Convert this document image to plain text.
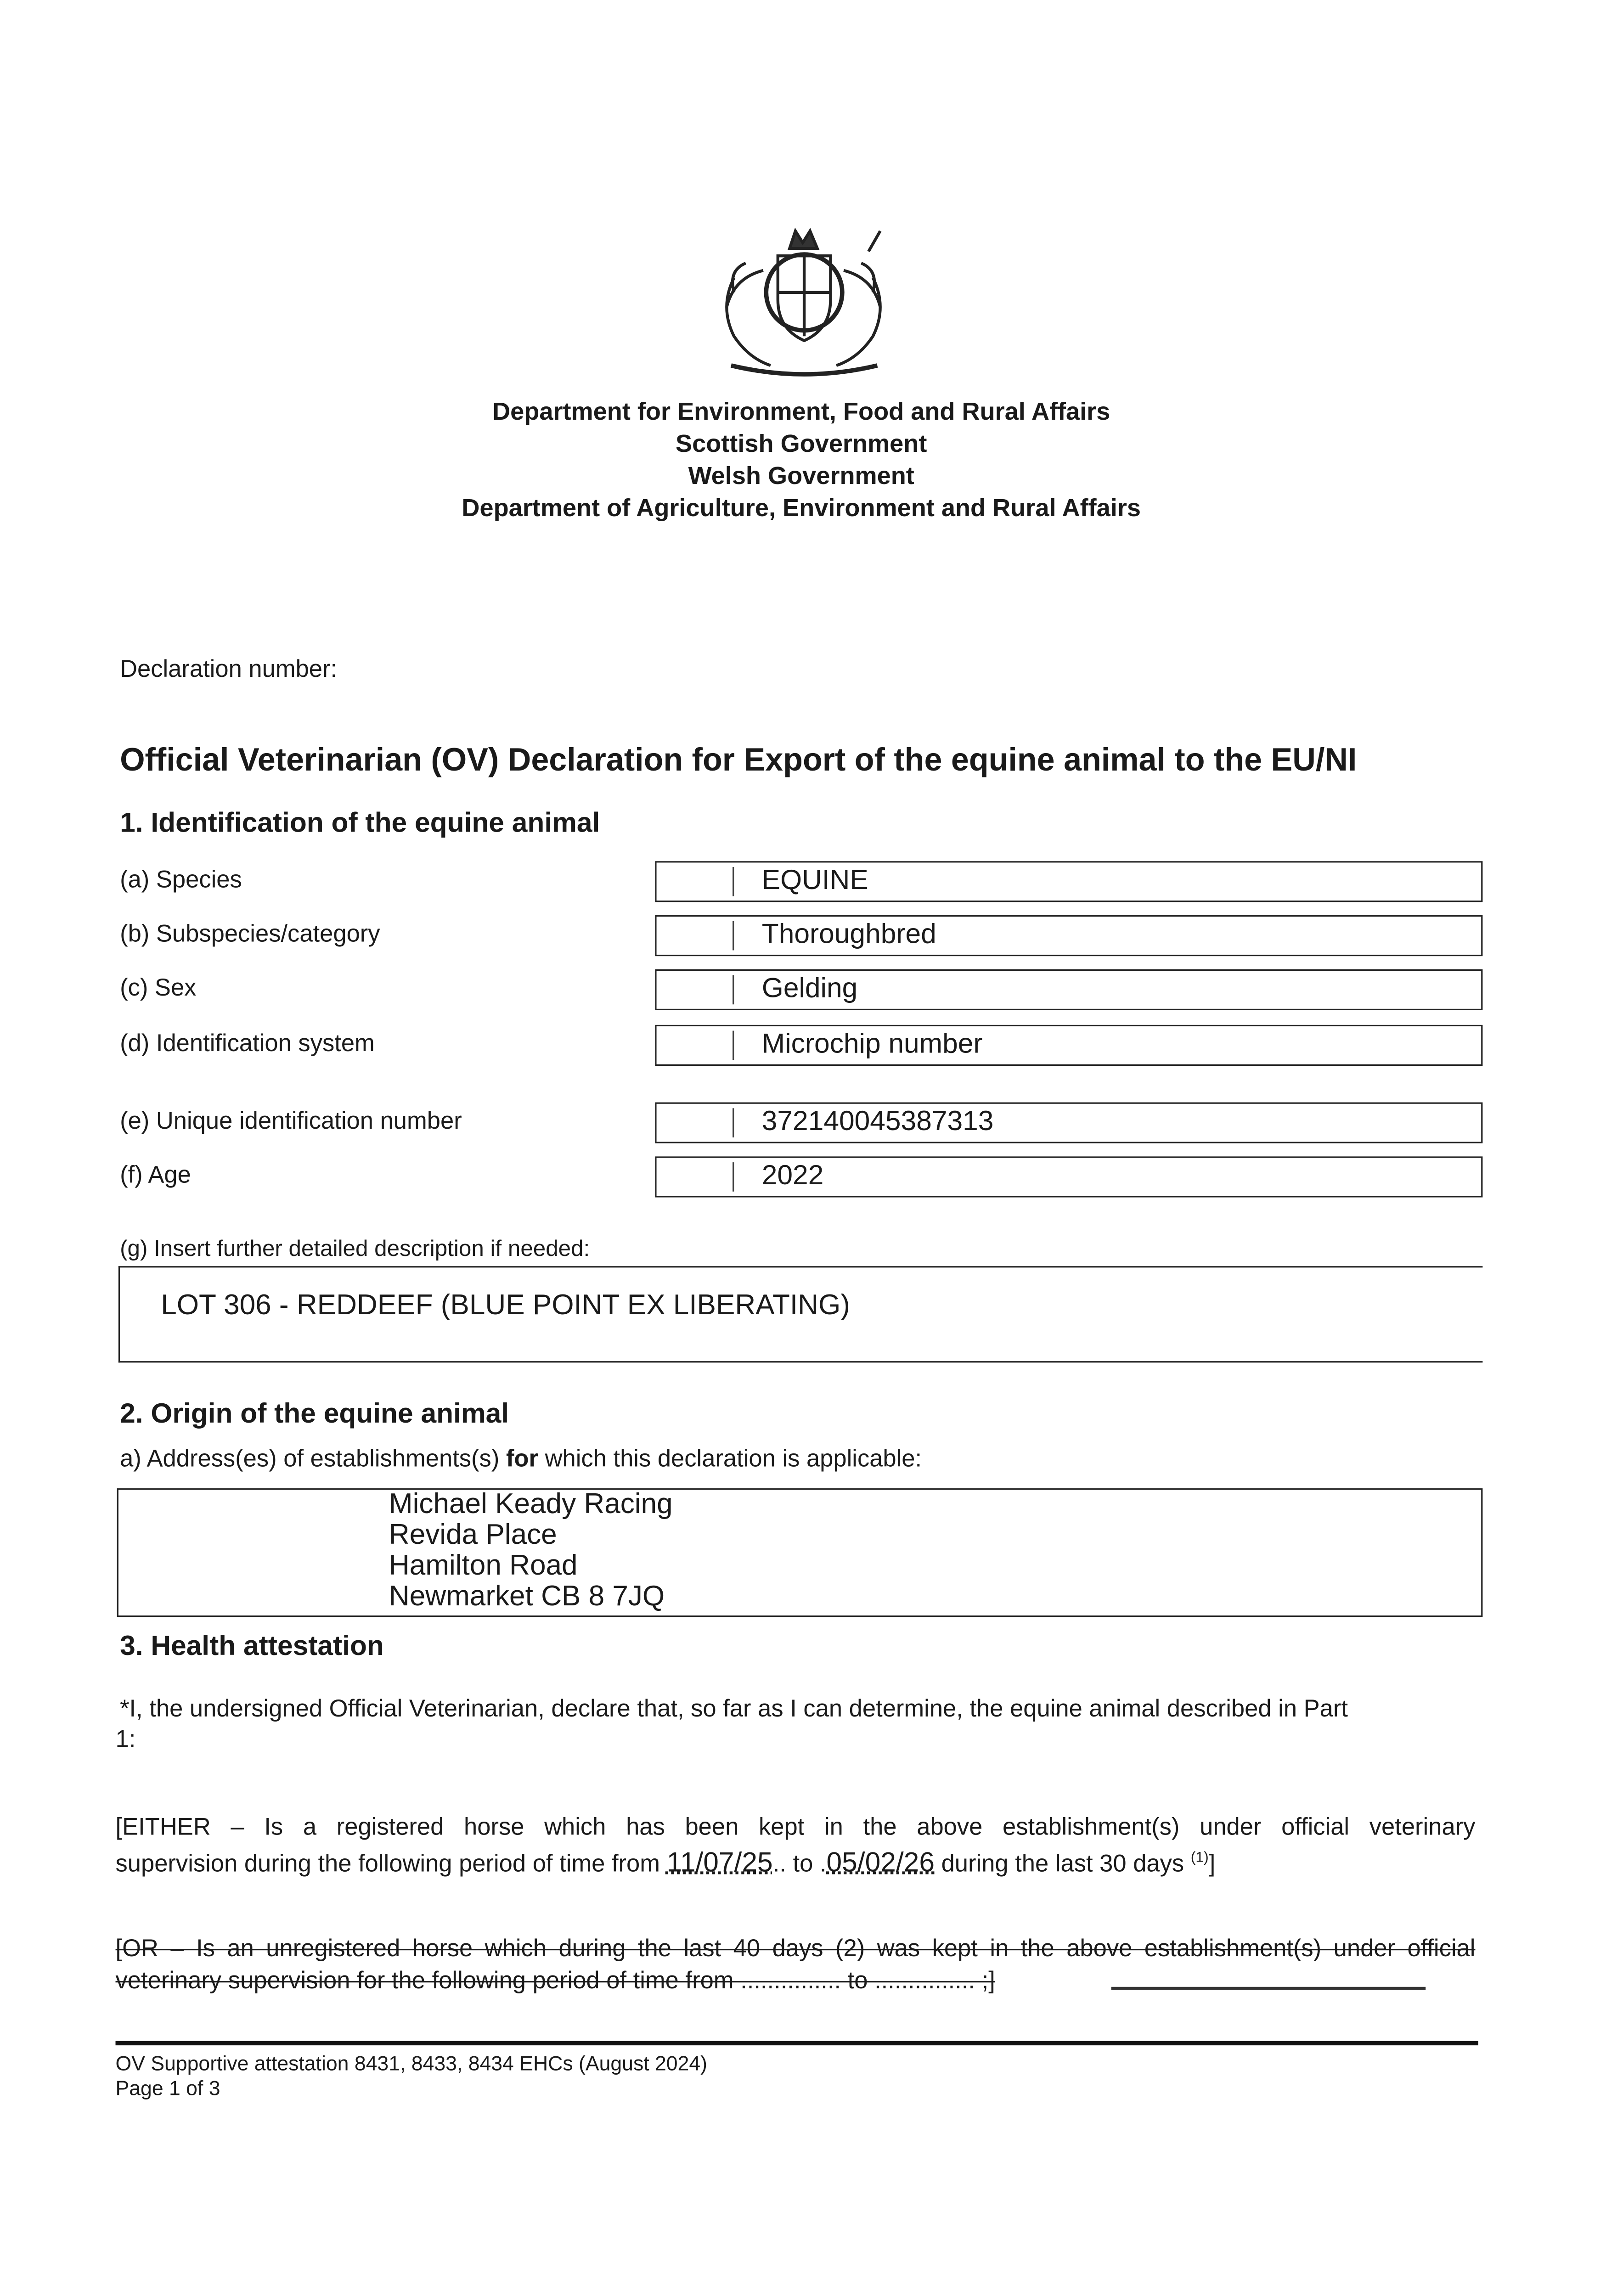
Department for Environment, Food and Rural Affairs
Scottish Government
Welsh Government
Department of Agriculture, Environment and Rural Affairs
Declaration number:
Official Veterinarian (OV) Declaration for Export of the equine animal to the EU/NI
1. Identification of the equine animal
(a) Species	EQUINE
(b) Subspecies/category	Thoroughbred
(c) Sex	Gelding
(d) Identification system	Microchip number
(e) Unique identification number	372140045387313
(f) Age	2022
(g) Insert further detailed description if needed:
LOT 306 - REDDEEF (BLUE POINT EX LIBERATING)
2. Origin of the equine animal
a) Address(es) of establishments(s) for which this declaration is applicable:
Michael Keady Racing
Revida Place
Hamilton Road
Newmarket CB 8 7JQ
3. Health attestation
*I, the undersigned Official Veterinarian, declare that, so far as I can determine, the equine animal described in Part
1:
[EITHER – Is a registered horse which has been kept in the above establishment(s) under official veterinary
supervision during the following period of time from 11/07/25.. to .05/02/26 during the last 30 days $^{(1)}$]
[OR – Is an unregistered horse which during the last 40 days (2) was kept in the above establishment(s) under official
veterinary supervision for the following period of time from ............... to ............... ;]
OV Supportive attestation 8431, 8433, 8434 EHCs (August 2024)
Page 1 of 3
